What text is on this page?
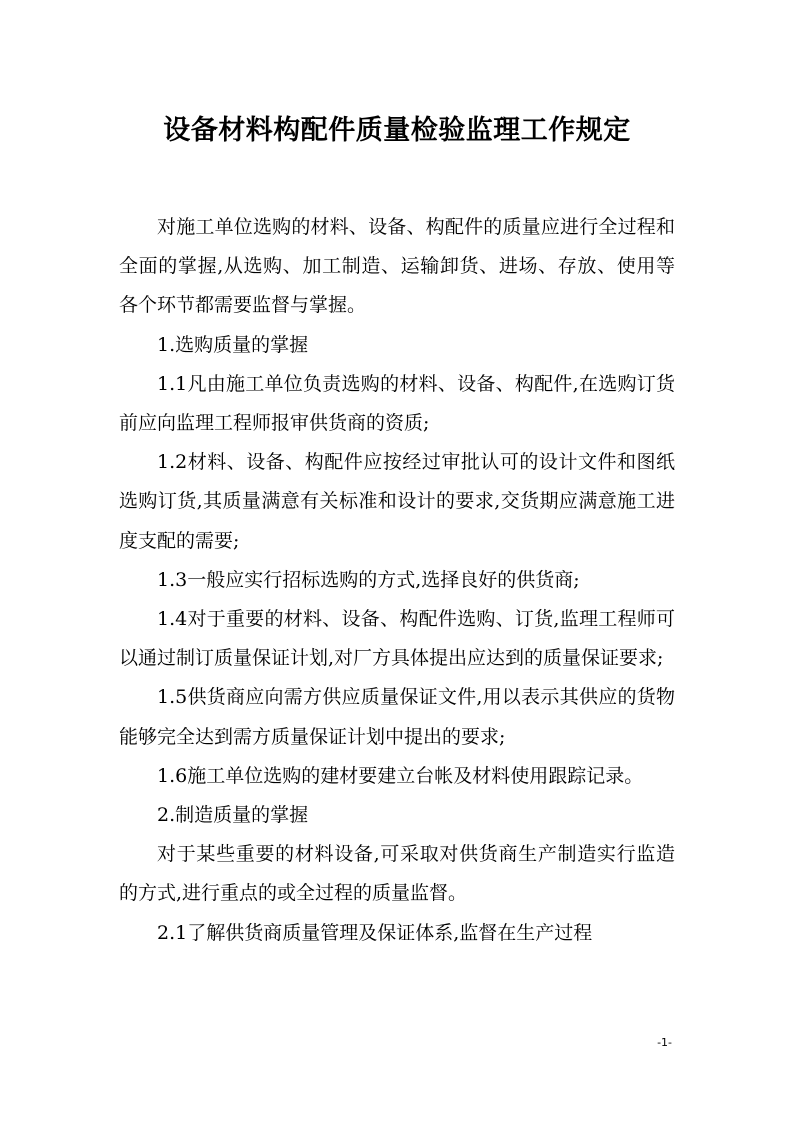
设备材料构配件质量检验监理工作规定

对施工单位选购的材料、设备、构配件的质量应进行全过程和全面的掌握,从选购、加工制造、运输卸货、进场、存放、使用等各个环节都需要监督与掌握。

1.选购质量的掌握

1.1凡由施工单位负责选购的材料、设备、构配件,在选购订货前应向监理工程师报审供货商的资质;

1.2材料、设备、构配件应按经过审批认可的设计文件和图纸选购订货,其质量满意有关标准和设计的要求,交货期应满意施工进度支配的需要;

1.3一般应实行招标选购的方式,选择良好的供货商;

1.4对于重要的材料、设备、构配件选购、订货,监理工程师可以通过制订质量保证计划,对厂方具体提出应达到的质量保证要求;

1.5供货商应向需方供应质量保证文件,用以表示其供应的货物能够完全达到需方质量保证计划中提出的要求;

1.6施工单位选购的建材要建立台帐及材料使用跟踪记录。

2.制造质量的掌握

对于某些重要的材料设备,可采取对供货商生产制造实行监造的方式,进行重点的或全过程的质量监督。

2.1了解供货商质量管理及保证体系,监督在生产过程

-1-
